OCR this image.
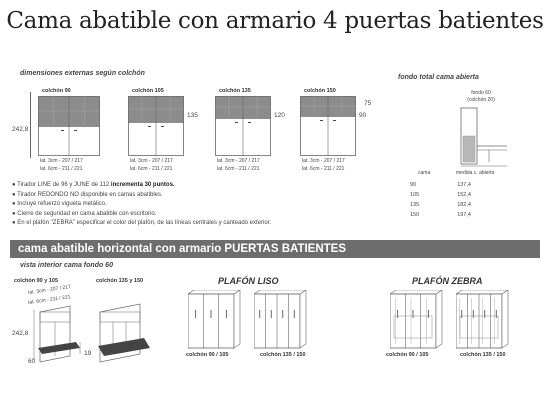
Cama abatible con armario 4 puertas batientes
dimensiones externas según colchón
242,8
colchón 90
lat. 3cm - 207 / 217
lat. 6cm - 211 / 221
colchón 105
135
lat. 3cm - 207 / 217
lat. 6cm - 211 / 221
colchón 135
120
lat. 3cm - 207 / 217
lat. 6cm - 211 / 221
colchón 150
90
lat. 3cm - 207 / 217
lat. 6cm - 211 / 221
75
fondo total cama abierta
fondo 60
(colchón 20)
cama	medida c. abierta
90	137,4
105	152,4
135	182,4
150	197,4
● Tirador LINE de 96 y JUNE de 112 incrementa 30 puntos.
● Tirador REDONDO NO disponible en camas abatibles.
● Incluye refuerzo vigueta metálico.
● Cierre de seguridad en cama abatible con escritorio.
● En el plafón "ZEBRA" especificar el color del plafón, de las líneas centrales y canteado exterior.
cama abatible horizontal con armario PUERTAS BATIENTES
vista interior cama fondo 60
colchón 90 y 105	colchón 135 y 150
lat. 3cm - 207 / 217
lat. 6cm - 211 / 221
242,8
60
19
PLAFÓN LISO
colchón 90 / 105	colchón 135 / 150
PLAFÓN ZEBRA
colchón 90 / 105	colchón 135 / 150
